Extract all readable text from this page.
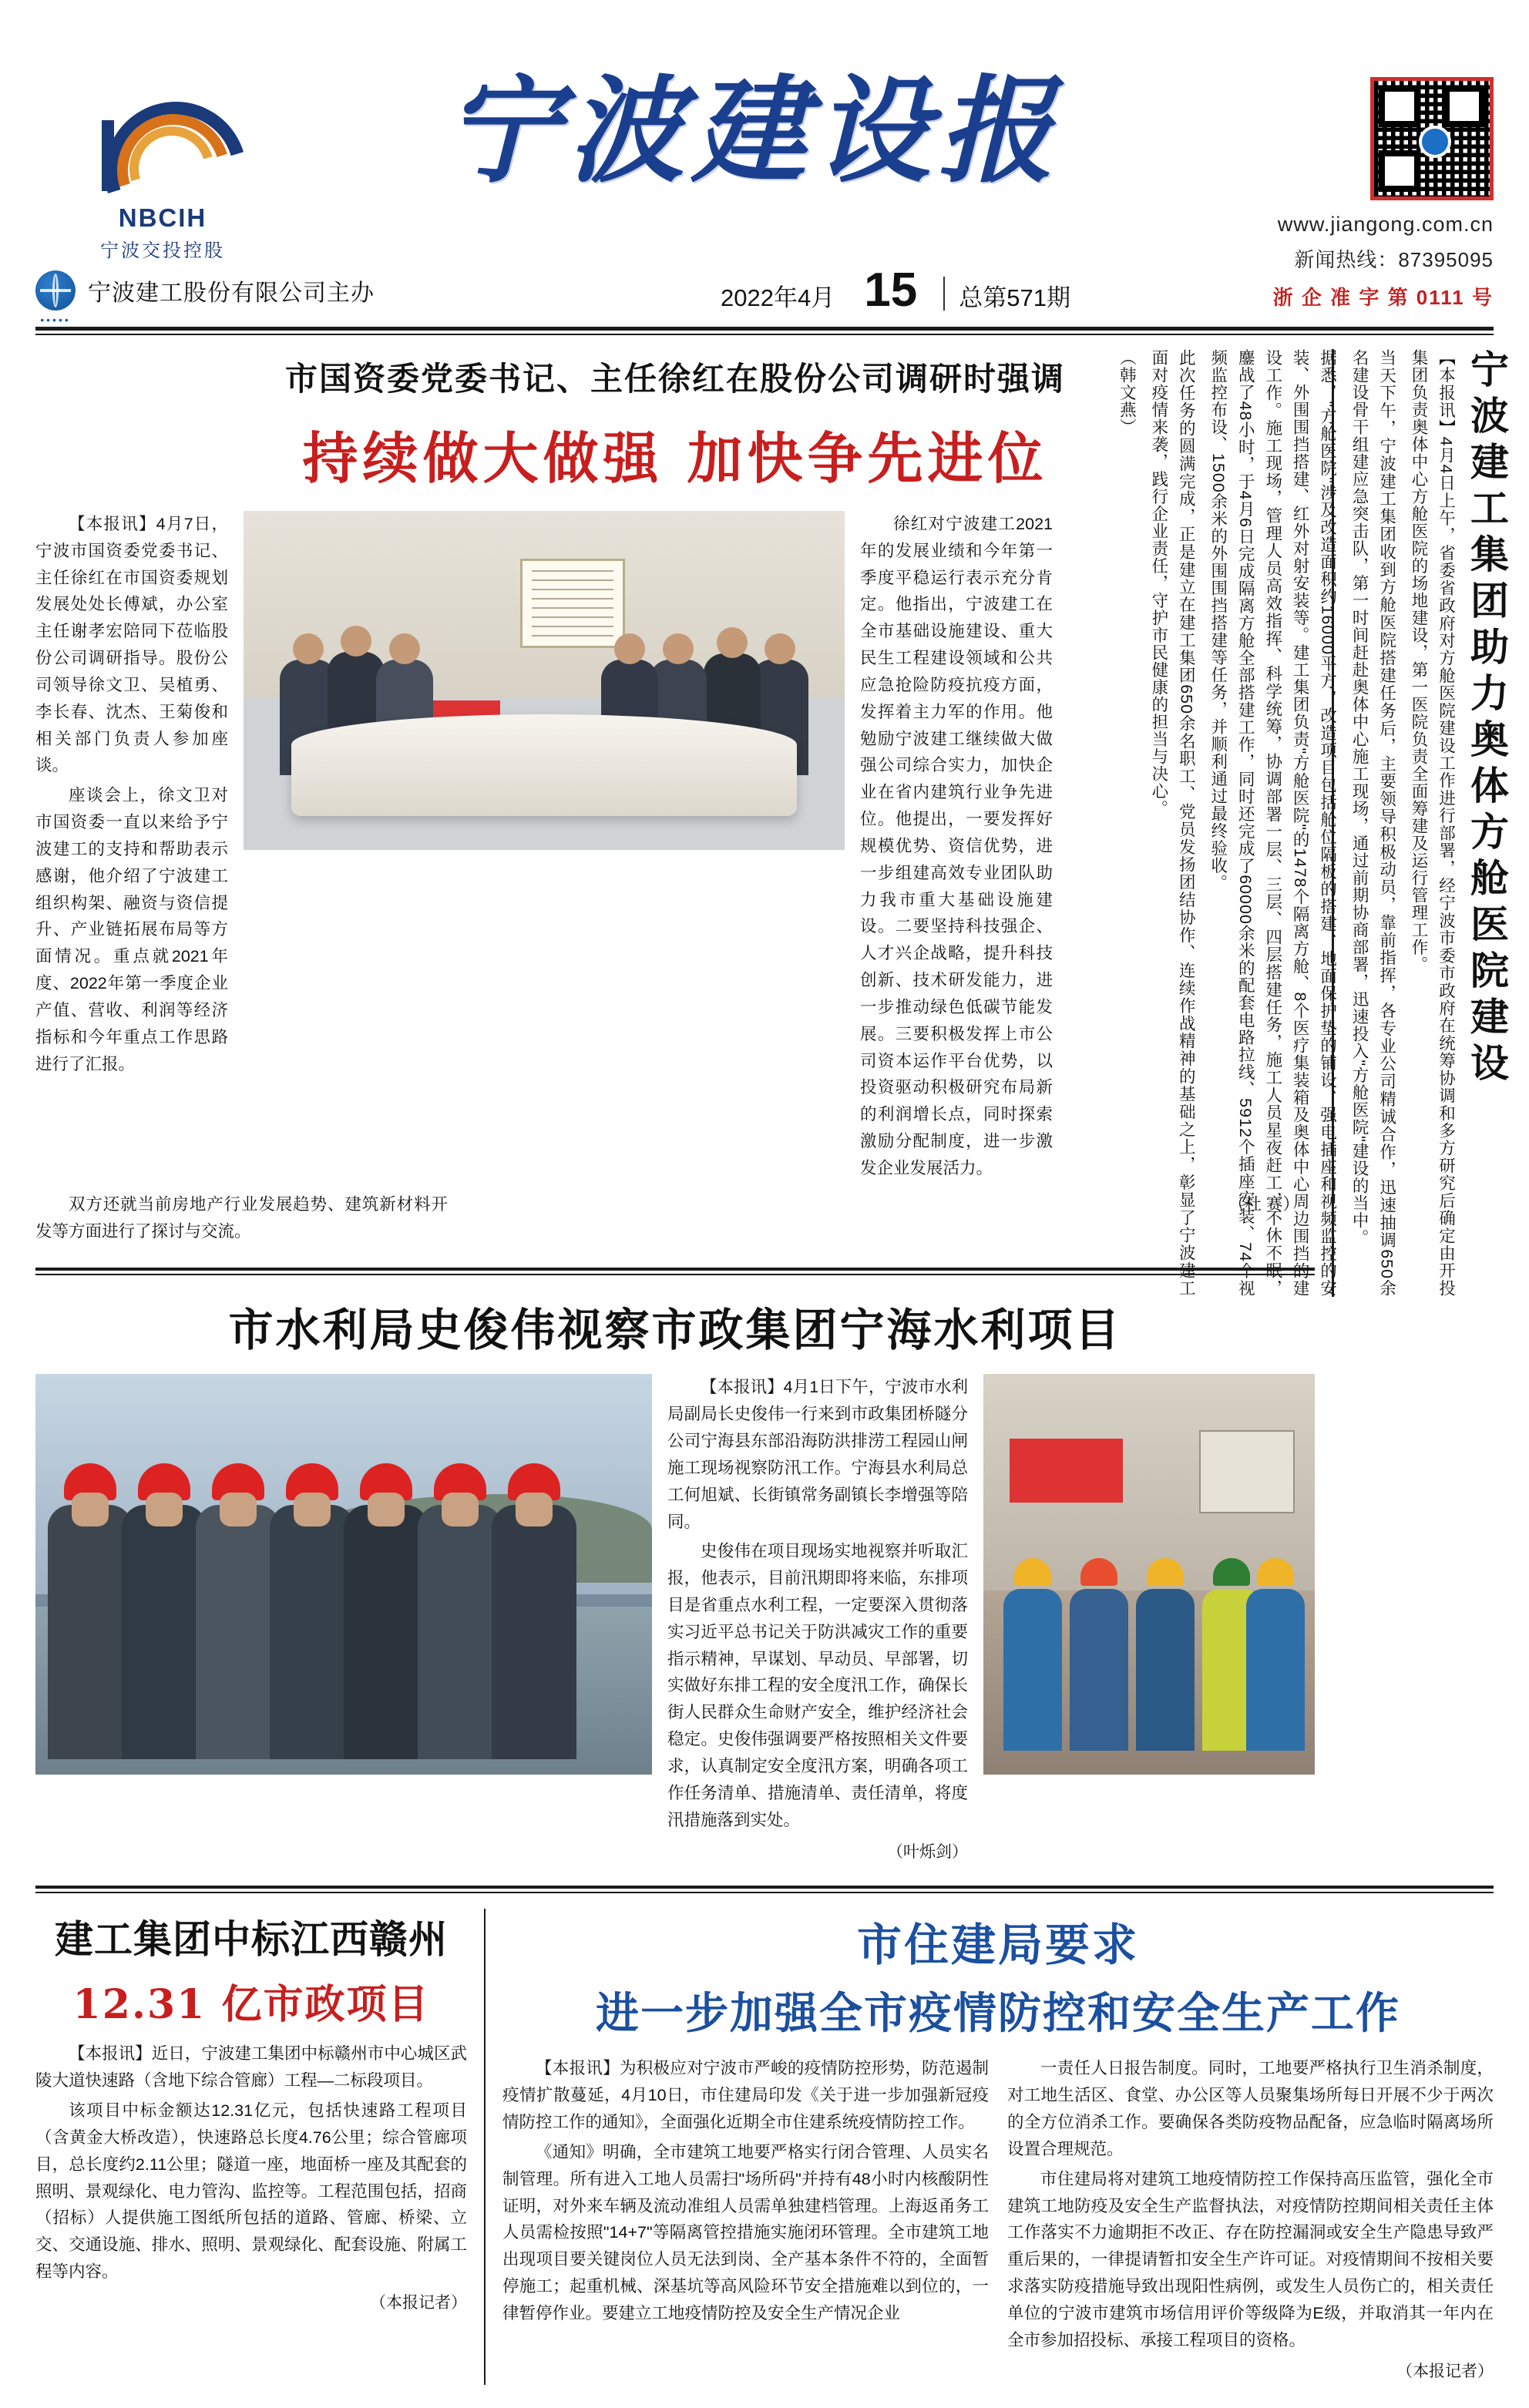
NBCIH
宁波交投控股
宁波建设报
www.jiangong.com.cn
新闻热线：87395095
浙 企 准 字 第 0111 号
•••••
宁波建工股份有限公司主办	2022年4月 15 总第571期
市国资委党委书记、主任徐红在股份公司调研时强调
持续做大做强 加快争先进位

【本报讯】4月7日，宁波市国资委党委书记、主任徐红在市国资委规划发展处处长傅斌，办公室主任谢孝宏陪同下莅临股份公司调研指导。股份公司领导徐文卫、吴植勇、李长春、沈杰、王菊俊和相关部门负责人参加座谈。

座谈会上，徐文卫对市国资委一直以来给予宁波建工的支持和帮助表示感谢，他介绍了宁波建工组织构架、融资与资信提升、产业链拓展布局等方面情况。重点就2021年度、2022年第一季度企业产值、营收、利润等经济指标和今年重点工作思路进行了汇报。

徐红对宁波建工2021年的发展业绩和今年第一季度平稳运行表示充分肯定。他指出，宁波建工在全市基础设施建设、重大民生工程建设领域和公共应急抢险防疫抗疫方面，发挥着主力军的作用。他勉励宁波建工继续做大做强公司综合实力，加快企业在省内建筑行业争先进位。他提出，一要发挥好规模优势、资信优势，进一步组建高效专业团队助力我市重大基础设施建设。二要坚持科技强企、人才兴企战略，提升科技创新、技术研发能力，进一步推动绿色低碳节能发展。三要积极发挥上市公司资本运作平台优势，以投资驱动积极研究布局新的利润增长点，同时探索激励分配制度，进一步激发企业发展活力。

双方还就当前房地产行业发展趋势、建筑新材料开发等方面进行了探讨与交流。

（杜 赛）
市水利局史俊伟视察市政集团宁海水利项目

【本报讯】4月1日下午，宁波市水利局副局长史俊伟一行来到市政集团桥隧分公司宁海县东部沿海防洪排涝工程园山闸施工现场视察防汛工作。宁海县水利局总工何旭斌、长街镇常务副镇长李增强等陪同。

史俊伟在项目现场实地视察并听取汇报，他表示，目前汛期即将来临，东排项目是省重点水利工程，一定要深入贯彻落实习近平总书记关于防洪减灾工作的重要指示精神，早谋划、早动员、早部署，切实做好东排工程的安全度汛工作，确保长街人民群众生命财产安全，维护经济社会稳定。史俊伟强调要严格按照相关文件要求，认真制定安全度汛方案，明确各项工作任务清单、措施清单、责任清单，将度汛措施落到实处。

（叶烁剑）
宁波建工集团助力奥体方舱医院建设

【本报讯】4月4日上午，省委省政府对方舱医院建设工作进行部署，经宁波市委市政府在统筹协调和多方研究后确定由开投集团负责奥体中心方舱医院的场地建设，第一医院负责全面筹建及运行管理工作。

当天下午，宁波建工集团收到方舱医院搭建任务后，主要领导积极动员，靠前指挥，各专业公司精诚合作，迅速抽调650余名建设骨干组建应急突击队，第一时间赶赴奥体中心施工现场，通过前期协商部署，迅速投入"方舱医院"建设的当中。

据悉，"方舱医院"涉及改造面积约16000平方，改造项目包括舱位隔板的搭建、地面保护垫的铺设、强电插座和视频监控的安装、外围围挡搭建、红外对射安装等。建工集团负责"方舱医院"的1478个隔离方舱、8个医疗集装箱及奥体中心周边围挡的建设工作。施工现场，管理人员高效指挥、科学统筹，协调部署一层、三层、四层搭建任务，施工人员星夜赶工，不休不眠，鏖战了48小时，于4月6日完成隔离方舱全部搭建工作，同时还完成了60000余米的配套电路拉线、5912个插座安装、74个视频监控布设、1500余米的外围围挡搭建等任务，并顺利通过最终验收。

此次任务的圆满完成，正是建立在建工集团650余名职工、党员发扬团结协作、连续作战精神的基础之上，彰显了宁波建工面对疫情来袭，践行企业责任，守护市民健康的担当与决心。

（韩文燕）

建工集团中标江西赣州
12.31 亿市政项目

【本报讯】近日，宁波建工集团中标赣州市中心城区武陵大道快速路（含地下综合管廊）工程—二标段项目。

该项目中标金额达12.31亿元，包括快速路工程项目（含黄金大桥改造），快速路总长度4.76公里；综合管廊项目，总长度约2.11公里；隧道一座，地面桥一座及其配套的照明、景观绿化、电力管沟、监控等。工程范围包括，招商（招标）人提供施工图纸所包括的道路、管廊、桥梁、立交、交通设施、排水、照明、景观绿化、配套设施、附属工程等内容。

（本报记者）
市住建局要求
进一步加强全市疫情防控和安全生产工作

【本报讯】为积极应对宁波市严峻的疫情防控形势，防范遏制疫情扩散蔓延，4月10日，市住建局印发《关于进一步加强新冠疫情防控工作的通知》，全面强化近期全市住建系统疫情防控工作。

《通知》明确，全市建筑工地要严格实行闭合管理、人员实名制管理。所有进入工地人员需扫"场所码"并持有48小时内核酸阴性证明，对外来车辆及流动准组人员需单独建档管理。上海返甬务工人员需检按照"14+7"等隔离管控措施实施闭环管理。全市建筑工地出现项目要关键岗位人员无法到岗、全产基本条件不符的，全面暂停施工；起重机械、深基坑等高风险环节安全措施难以到位的，一律暂停作业。要建立工地疫情防控及安全生产情况企业

一责任人日报告制度。同时，工地要严格执行卫生消杀制度，对工地生活区、食堂、办公区等人员聚集场所每日开展不少于两次的全方位消杀工作。要确保各类防疫物品配备，应急临时隔离场所设置合理规范。

市住建局将对建筑工地疫情防控工作保持高压监管，强化全市建筑工地防疫及安全生产监督执法，对疫情防控期间相关责任主体工作落实不力逾期拒不改正、存在防控漏洞或安全生产隐患导致严重后果的，一律提请暂扣安全生产许可证。对疫情期间不按相关要求落实防疫措施导致出现阳性病例，或发生人员伤亡的，相关责任单位的宁波市建筑市场信用评价等级降为E级，并取消其一年内在全市参加招投标、承接工程项目的资格。

（本报记者）
